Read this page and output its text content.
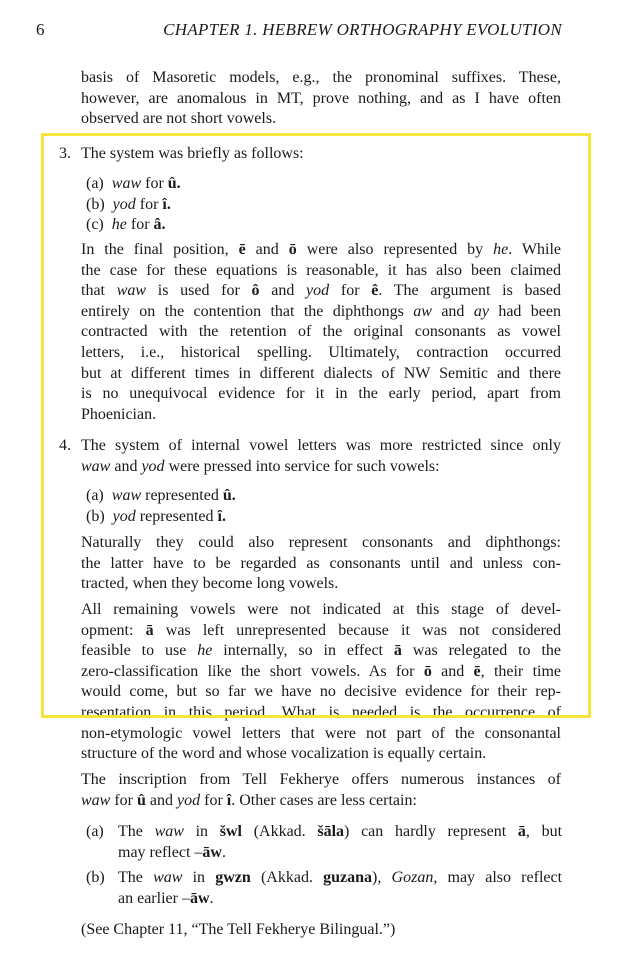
6	CHAPTER 1. HEBREW ORTHOGRAPHY EVOLUTION
basis of Masoretic models, e.g., the pronominal suffixes. These,
however, are anomalous in MT, prove nothing, and as I have often
observed are not short vowels.
3. The system was briefly as follows:
(a) waw for û.
(b) yod for î.
(c) he for â.
In the final position, ē and ō were also represented by he. While
the case for these equations is reasonable, it has also been claimed
that waw is used for ô and yod for ê. The argument is based
entirely on the contention that the diphthongs aw and ay had been
contracted with the retention of the original consonants as vowel
letters, i.e., historical spelling. Ultimately, contraction occurred
but at different times in different dialects of NW Semitic and there
is no unequivocal evidence for it in the early period, apart from
Phoenician.
4. The system of internal vowel letters was more restricted since only
waw and yod were pressed into service for such vowels:
(a) waw represented û.
(b) yod represented î.
Naturally they could also represent consonants and diphthongs:
the latter have to be regarded as consonants until and unless con-
tracted, when they become long vowels.
All remaining vowels were not indicated at this stage of devel-
opment: ā was left unrepresented because it was not considered
feasible to use he internally, so in effect ā was relegated to the
zero-classification like the short vowels. As for ō and ē, their time
would come, but so far we have no decisive evidence for their rep-
resentation in this period. What is needed is the occurrence of
non-etymologic vowel letters that were not part of the consonantal
structure of the word and whose vocalization is equally certain.
The inscription from Tell Fekherye offers numerous instances of
waw for û and yod for î. Other cases are less certain:
(a) The waw in šwl (Akkad. šāla) can hardly represent ā, but
may reflect –āw.
(b) The waw in gwzn (Akkad. guzana), Gozan, may also reflect
an earlier –āw.
(See Chapter 11, “The Tell Fekherye Bilingual.”)
